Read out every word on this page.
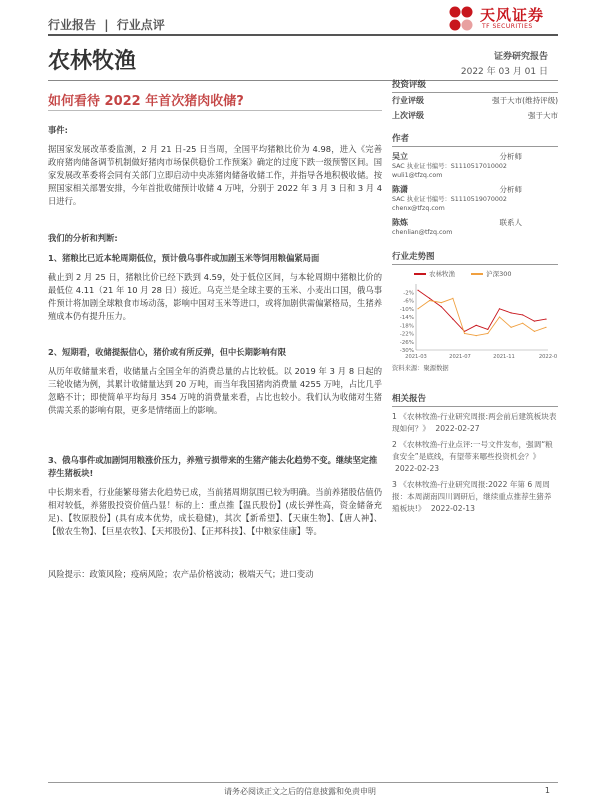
行业报告 | 行业点评
天风证券
TF SECURITIES
农林牧渔	证券研究报告
2022 年 03 月 01 日
如何看待 2022 年首次猪肉收储?
事件:
据国家发展改革委监测，2 月 21 日-25 日当周，全国平均猪粮比价为 4.98，进入《完善政府猪肉储备调节机制做好猪肉市场保供稳价工作预案》确定的过度下跌一级预警区间。国家发展改革委将会同有关部门立即启动中央冻猪肉储备收储工作，并指导各地积极收储。按照国家相关部署安排，今年首批收储预计收储 4 万吨，分别于 2022 年 3 月 3 日和 3 月 4 日进行。
我们的分析和判断:
1、猪粮比已近本轮周期低位，预计俄乌事件或加剧玉米等饲用粮偏紧局面
截止到 2 月 25 日，猪粮比价已经下跌到 4.59，处于低位区间，与本轮周期中猪粮比价的最低位 4.11（21 年 10 月 28 日）接近。乌克兰是全球主要的玉米、小麦出口国，俄乌事件预计将加剧全球粮食市场动荡，影响中国对玉米等进口，或将加剧供需偏紧格局，生猪养殖成本仍有提升压力。
2、短期看，收储提振信心，猪价或有所反弹，但中长期影响有限
从历年收储量来看，收储量占全国全年的消费总量的占比较低。以 2019 年 3 月 8 日起的三轮收储为例，其累计收储量达到 20 万吨，而当年我国猪肉消费量 4255 万吨，占比几乎忽略不计；即使简单平均每月 354 万吨的消费量来看，占比也较小。我们认为收储对生猪供需关系的影响有限，更多是情绪面上的影响。
3、俄乌事件或加剧饲用粮涨价压力，养殖亏损带来的生猪产能去化趋势不变。继续坚定推荐生猪板块!
中长期来看，行业能繁母猪去化趋势已成，当前猪周期氛围已较为明确。当前养猪股估值仍相对较低，养猪股投资价值凸显！标的上：重点推【温氏股份】(成长弹性高，资金储备充足)、【牧原股份】(具有成本优势，成长稳健)，其次【新希望】、【天康生物】、【唐人神】、【傲农生物】、【巨星农牧】、【天邦股份】、【正邦科技】、【中粮家佳康】等。
风险提示：政策风险；疫病风险；农产品价格波动；极端天气；进口变动
投资评级
行业评级	强于大市(维持评级)
上次评级	强于大市
作者
吴立	分析师
SAC 执业证书编号：S1110517010002
wuli1@tfzq.com
陈潇	分析师
SAC 执业证书编号：S1110519070002
chenx@tfzq.com
陈炼	联系人
chenlian@tfzq.com
行业走势图
农林牧渔	沪深300
-2%
-6%
-10%
-14%
-18%
-22%
-26%
-30%
2021-03	2021-07	2021-11	2022-0
资料来源：聚源数据
相关报告
1 《农林牧渔-行业研究周报:两会前后建筑板块表现如何？》 2022-02-27
2 《农林牧渔-行业点评:一号文件发布，强调“粮食安全”是底线，有望带来哪些投资机会？》 2022-02-23
3 《农林牧渔-行业研究周报:2022 年第 6 周周报：本周湖南四川调研后，继续重点推荐生猪养殖板块!》 2022-02-13
请务必阅读正文之后的信息披露和免责申明	1
